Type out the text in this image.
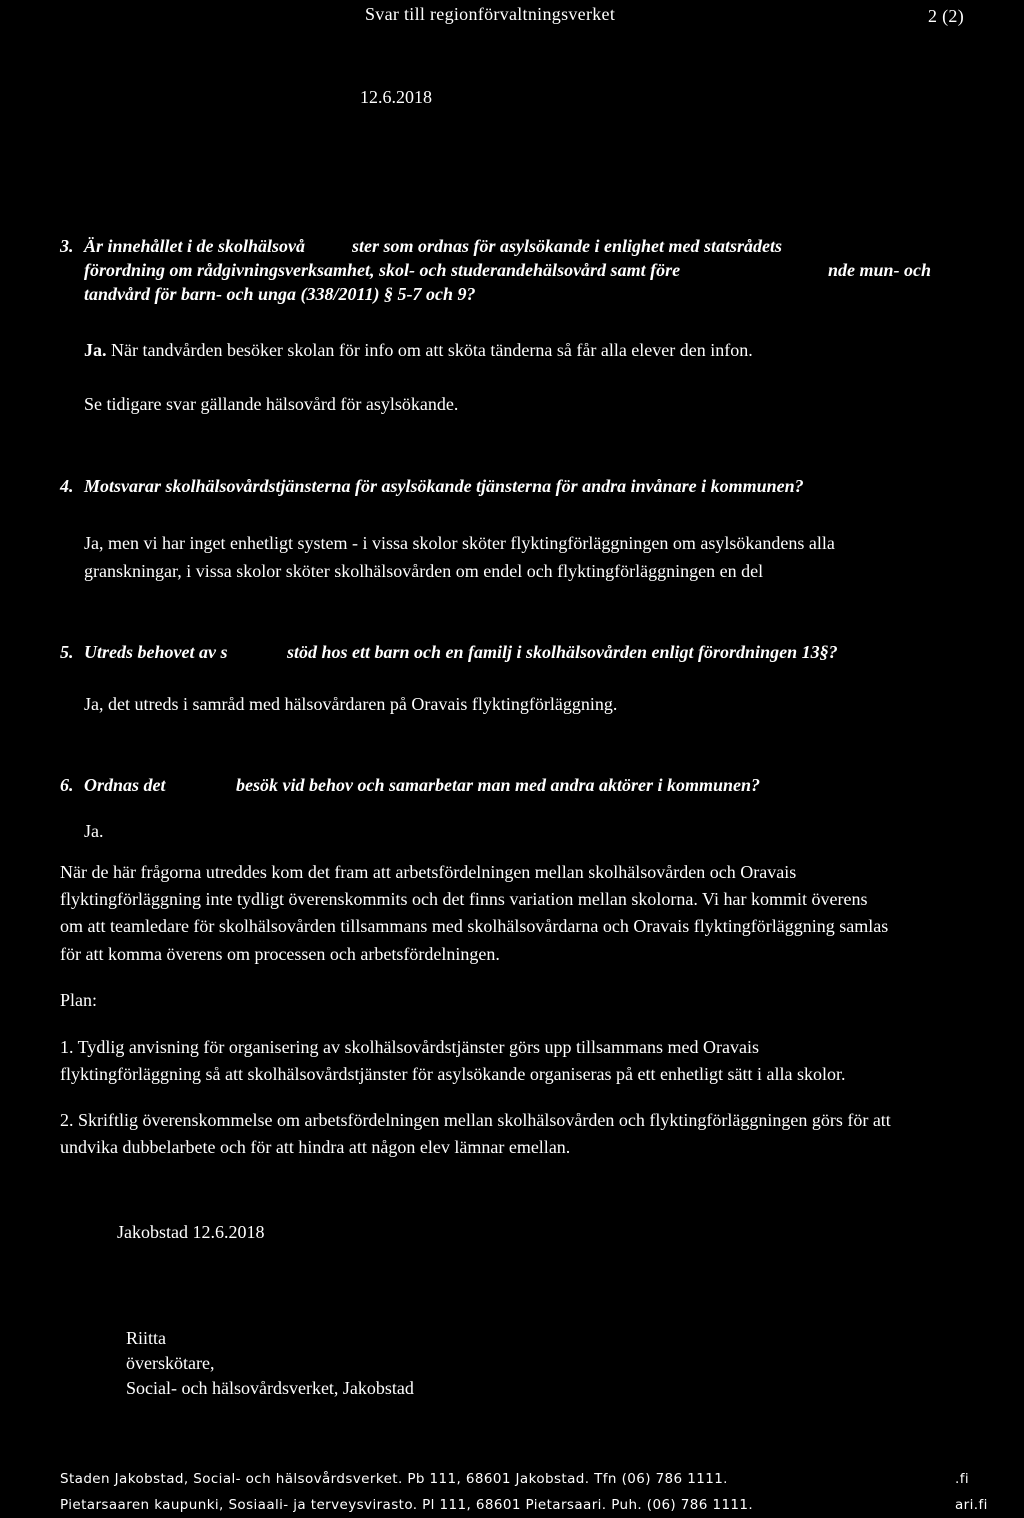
Svar till regionförvaltningsverket	2 (2)
12.6.2018
3. Är innehållet i de skolhälsovå	ster som ordnas för asylsökande i enlighet med statsrådets
förordning om rådgivningsverksamhet, skol- och studerandehälsovård samt före	nde mun- och
tandvård för barn- och unga (338/2011) § 5-7 och 9?
Ja. När tandvården besöker skolan för info om att sköta tänderna så får alla elever den infon.
Se tidigare svar gällande hälsovård för asylsökande.
4. Motsvarar skolhälsovårdstjänsterna för asylsökande tjänsterna för andra invånare i kommunen?
Ja, men vi har inget enhetligt system - i vissa skolor sköter flyktingförläggningen om asylsökandens alla
granskningar, i vissa skolor sköter skolhälsovården om endel och flyktingförläggningen en del
5. Utreds behovet av s	stöd hos ett barn och en familj i skolhälsovården enligt förordningen 13§?
Ja, det utreds i samråd med hälsovårdaren på Oravais flyktingförläggning.
6. Ordnas det	besök vid behov och samarbetar man med andra aktörer i kommunen?
Ja.
När de här frågorna utreddes kom det fram att arbetsfördelningen mellan skolhälsovården och Oravais
flyktingförläggning inte tydligt överenskommits och det finns variation mellan skolorna. Vi har kommit överens
om att teamledare för skolhälsovården tillsammans med skolhälsovårdarna och Oravais flyktingförläggning samlas
för att komma överens om processen och arbetsfördelningen.
Plan:
1. Tydlig anvisning för organisering av skolhälsovårdstjänster görs upp tillsammans med Oravais
flyktingförläggning så att skolhälsovårdstjänster för asylsökande organiseras på ett enhetligt sätt i alla skolor.
2. Skriftlig överenskommelse om arbetsfördelningen mellan skolhälsovården och flyktingförläggningen görs för att
undvika dubbelarbete och för att hindra att någon elev lämnar emellan.
Jakobstad 12.6.2018
Riitta
överskötare,
Social- och hälsovårdsverket, Jakobstad
Staden Jakobstad, Social- och hälsovårdsverket. Pb 111, 68601 Jakobstad. Tfn (06) 786 1111.	.fi
Pietarsaaren kaupunki, Sosiaali- ja terveysvirasto. Pl 111, 68601 Pietarsaari. Puh. (06) 786 1111.	ari.fi
